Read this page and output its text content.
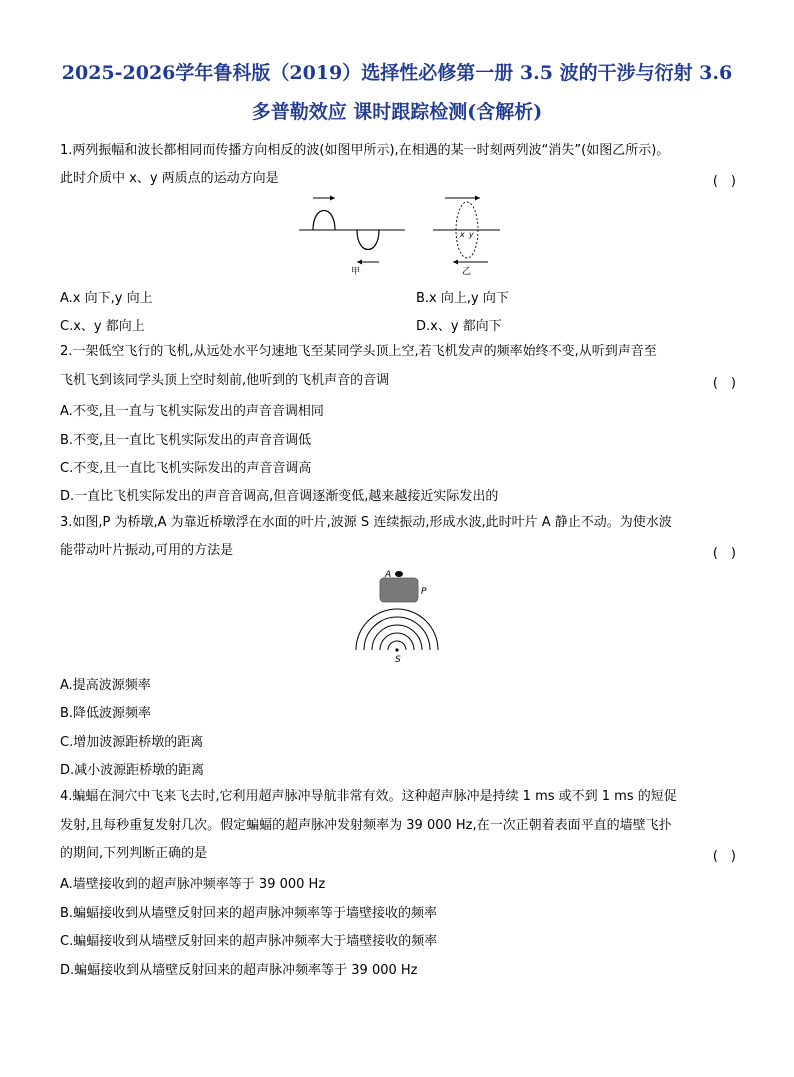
2025-2026学年鲁科版（2019）选择性必修第一册 3.5 波的干涉与衍射 3.6
多普勒效应 课时跟踪检测(含解析)
1.两列振幅和波长都相同而传播方向相反的波(如图甲所示),在相遇的某一时刻两列波“消失”(如图乙所示)。
此时介质中 x、y 两质点的运动方向是	(　)
甲
x y
乙
A.x 向下,y 向上	B.x 向上,y 向下
C.x、y 都向上	D.x、y 都向下
2.一架低空飞行的飞机,从远处水平匀速地飞至某同学头顶上空,若飞机发声的频率始终不变,从听到声音至
飞机飞到该同学头顶上空时刻前,他听到的飞机声音的音调	(　)
A.不变,且一直与飞机实际发出的声音音调相同
B.不变,且一直比飞机实际发出的声音音调低
C.不变,且一直比飞机实际发出的声音音调高
D.一直比飞机实际发出的声音音调高,但音调逐渐变低,越来越接近实际发出的
3.如图,P 为桥墩,A 为靠近桥墩浮在水面的叶片,波源 S 连续振动,形成水波,此时叶片 A 静止不动。为使水波
能带动叶片振动,可用的方法是	(　)
A
P
S
A.提高波源频率
B.降低波源频率
C.增加波源距桥墩的距离
D.减小波源距桥墩的距离
4.蝙蝠在洞穴中飞来飞去时,它利用超声脉冲导航非常有效。这种超声脉冲是持续 1 ms 或不到 1 ms 的短促
发射,且每秒重复发射几次。假定蝙蝠的超声脉冲发射频率为 39 000 Hz,在一次正朝着表面平直的墙壁飞扑
的期间,下列判断正确的是	(　)
A.墙壁接收到的超声脉冲频率等于 39 000 Hz
B.蝙蝠接收到从墙壁反射回来的超声脉冲频率等于墙壁接收的频率
C.蝙蝠接收到从墙壁反射回来的超声脉冲频率大于墙壁接收的频率
D.蝙蝠接收到从墙壁反射回来的超声脉冲频率等于 39 000 Hz
